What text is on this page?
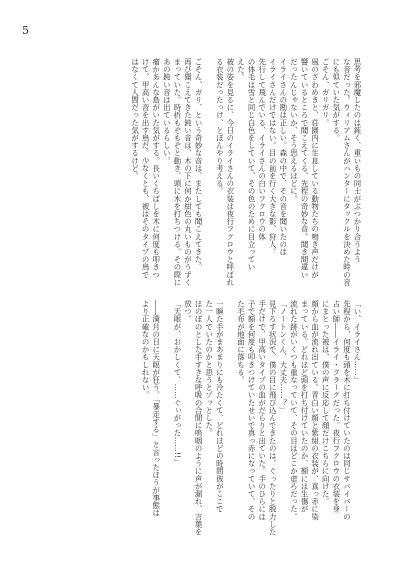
5
思考を邪魔したのは鈍く、重いもの同士がぶつかり合うよう
な音だった。ウィリアムさんがハンターにタックルを決めた時の音
にも似ていた気がする。
ごそん、ガリガリ。
風のざわめきと、荘園内に生息している動物たちの鳴き声だけが
響いているところで聞こえてくる、先程の奇妙な音。聞き間違い
だったんじゃないか、そう思えるほどに。
イライさんの勘は正しい。森の中で、その音を聞いたのは
イライさんだけではない。目の前を行く大きな影、狩人。
先行して飛んでいる、イライさんの白いフクロウの体
の体毛は雪と同じ白色をしていて、その色のために目立ってい
えた。
被の姿を見るに、今日のイライさんの衣装は夜行フクロウと呼ばれ
る衣装だったっけ、とぼんやり考える。

ごそん、ガリ、という奇妙な音は、またしても聞こえてきた。
再び聞こえてきた鈍い音は、木の下に何か紺色の丸いものがうずく
まっていた。時折もぞもぞと動き、頭に木を打ちつける。その際に
あの鈍い音は出ているらしい。
瘤かあんな島がいた気がする。長いくちばしを木に何度も叩きつ
けて、甲高い音を出す鳥だ。少なくとも、被はそのタイプの鳥で
はなくて人間だった気がするけど。
「い、イライさん……」
先程から、何度も頭を木に打ち付けていたのは同じサバイバーの
占い師――イライ・クラークだった。夜行フクロウの衣装を身
にまとった被は、僕の声に反応して顔だけこちらに向けた。
顔から血が流れ出ている。青白い顔と紫紺の衣装が、真っ赤に染
まっている。どれほど頭を打ち付けていたのか、額には生傷が
流れた跡がいくつも重なっていて、その目はどこか虚ろだった。
「ノートンくん、大丈夫……？」
見下ろす状況で、僕の目に飛び込んできたのは、ぐったりと脱力した
手だけで、甲高いタイプの血がだらりと出ていた。手のひらには
子で額を何度も叩きつけていたせいで真っ赤になっていて、その
た毛布が地面に落ちる。

一瞬た手がまあまりにも冷たくて、どれほどの時間彼がここで
た一人でいたのかと思うとゾッとした。
ほのぼのとした手すきな呼吸の合間に嗚咽のように声が漏れ、言葉を
放つ。
「天眼が、おかしくて、……ぐぃがった……!!」

――満月の日に天眼が狂う。「暴走する」と言ったほうが事態は
より正確なのかもしれない。
